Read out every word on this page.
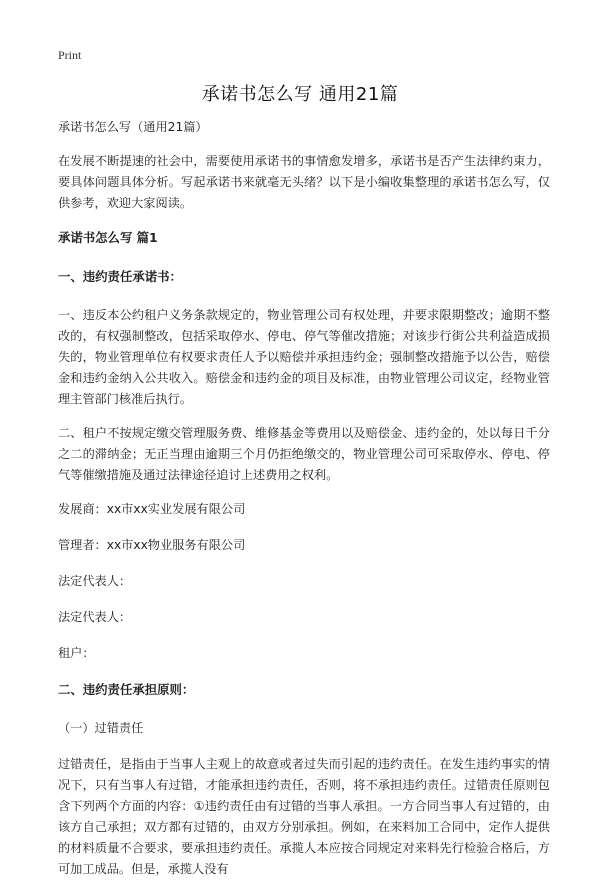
Print

承诺书怎么写 通用21篇

承诺书怎么写（通用21篇）

在发展不断提速的社会中，需要使用承诺书的事情愈发增多，承诺书是否产生法律约束力，要具体问题具体分析。写起承诺书来就毫无头绪？以下是小编收集整理的承诺书怎么写，仅供参考，欢迎大家阅读。

承诺书怎么写 篇1

一、违约责任承诺书：

一、违反本公约租户义务条款规定的，物业管理公司有权处理，并要求限期整改；逾期不整改的，有权强制整改，包括采取停水、停电、停气等催改措施；对该步行街公共利益造成损失的，物业管理单位有权要求责任人予以赔偿并承担违约金；强制整改措施予以公告，赔偿金和违约金纳入公共收入。赔偿金和违约金的项目及标准，由物业管理公司议定，经物业管理主管部门核准后执行。

二、租户不按规定缴交管理服务费、维修基金等费用以及赔偿金、违约金的，处以每日千分之二的滞纳金；无正当理由逾期三个月仍拒绝缴交的，物业管理公司可采取停水、停电、停气等催缴措施及通过法律途径追讨上述费用之权利。

发展商：xx市xx实业发展有限公司

管理者：xx市xx物业服务有限公司

法定代表人：

法定代表人：

租户：

二、违约责任承担原则：

（一）过错责任

过错责任，是指由于当事人主观上的故意或者过失而引起的违约责任。在发生违约事实的情况下，只有当事人有过错，才能承担违约责任，否则，将不承担违约责任。过错责任原则包含下列两个方面的内容：①违约责任由有过错的当事人承担。一方合同当事人有过错的，由该方自己承担；双方都有过错的，由双方分别承担。例如，在来料加工合同中，定作人提供的材料质量不合要求，要承担违约责任。承揽人本应按合同规定对来料先行检验合格后，方可加工成品。但是，承揽人没有
